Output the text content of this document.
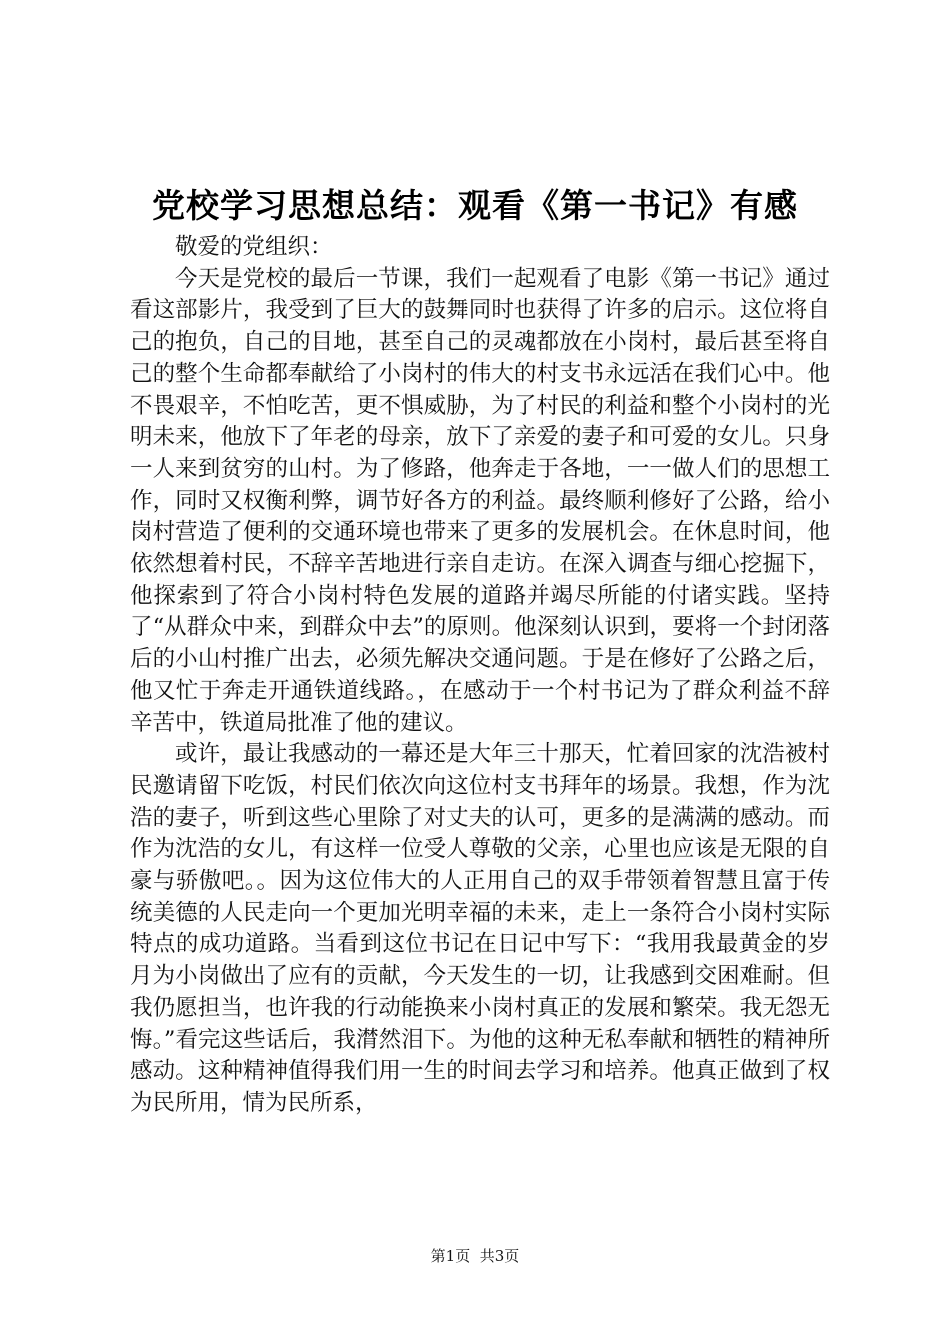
党校学习思想总结：观看《第一书记》有感

敬爱的党组织：

今天是党校的最后一节课，我们一起观看了电影《第一书记》通过看这部影片，我受到了巨大的鼓舞同时也获得了许多的启示。这位将自己的抱负，自己的目地，甚至自己的灵魂都放在小岗村，最后甚至将自己的整个生命都奉献给了小岗村的伟大的村支书永远活在我们心中。他不畏艰辛，不怕吃苦，更不惧威胁，为了村民的利益和整个小岗村的光明未来，他放下了年老的母亲，放下了亲爱的妻子和可爱的女儿。只身一人来到贫穷的山村。为了修路，他奔走于各地，一一做人们的思想工作，同时又权衡利弊，调节好各方的利益。最终顺利修好了公路，给小岗村营造了便利的交通环境也带来了更多的发展机会。在休息时间，他依然想着村民，不辞辛苦地进行亲自走访。在深入调查与细心挖掘下，他探索到了符合小岗村特色发展的道路并竭尽所能的付诸实践。坚持了“从群众中来，到群众中去”的原则。他深刻认识到，要将一个封闭落后的小山村推广出去，必须先解决交通问题。于是在修好了公路之后，他又忙于奔走开通铁道线路。，在感动于一个村书记为了群众利益不辞辛苦中，铁道局批准了他的建议。

或许，最让我感动的一幕还是大年三十那天，忙着回家的沈浩被村民邀请留下吃饭，村民们依次向这位村支书拜年的场景。我想，作为沈浩的妻子，听到这些心里除了对丈夫的认可，更多的是满满的感动。而作为沈浩的女儿，有这样一位受人尊敬的父亲，心里也应该是无限的自豪与骄傲吧。。因为这位伟大的人正用自己的双手带领着智慧且富于传统美德的人民走向一个更加光明幸福的未来，走上一条符合小岗村实际特点的成功道路。当看到这位书记在日记中写下：“我用我最黄金的岁月为小岗做出了应有的贡献，今天发生的一切，让我感到交困难耐。但我仍愿担当，也许我的行动能换来小岗村真正的发展和繁荣。我无怨无悔。”看完这些话后，我潸然泪下。为他的这种无私奉献和牺牲的精神所感动。这种精神值得我们用一生的时间去学习和培养。他真正做到了权为民所用，情为民所系，

第1页 共3页
